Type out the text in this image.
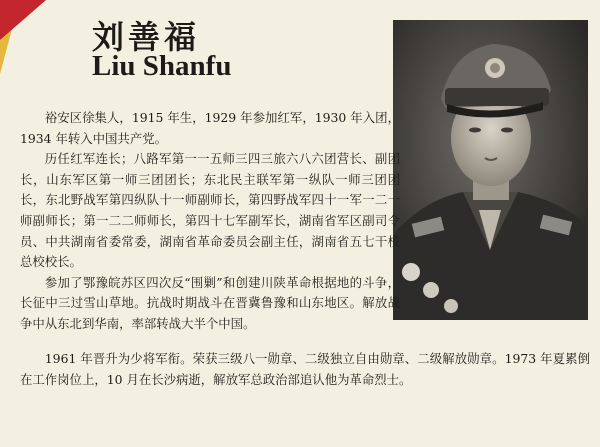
刘善福
Liu Shanfu

裕安区徐集人，1915 年生，1929 年参加红军，1930 年入团，1934 年转入中国共产党。

历任红军连长；八路军第一一五师三四三旅六八六团营长、副团长，山东军区第一师三团团长；东北民主联军第一纵队一师三团团长，东北野战军第四纵队十一师副师长，第四野战军四十一军一二一师副师长；第一二二师师长，第四十七军副军长，湖南省军区副司令员、中共湖南省委常委，湖南省革命委员会副主任，湖南省五七干校总校校长。

参加了鄂豫皖苏区四次反“围剿”和创建川陕革命根据地的斗争，长征中三过雪山草地。抗战时期战斗在晋冀鲁豫和山东地区。解放战争中从东北到华南，率部转战大半个中国。

1961 年晋升为少将军衔。荣获三级八一勋章、二级独立自由勋章、二级解放勋章。1973 年夏累倒在工作岗位上，10 月在长沙病逝，解放军总政治部追认他为革命烈士。
